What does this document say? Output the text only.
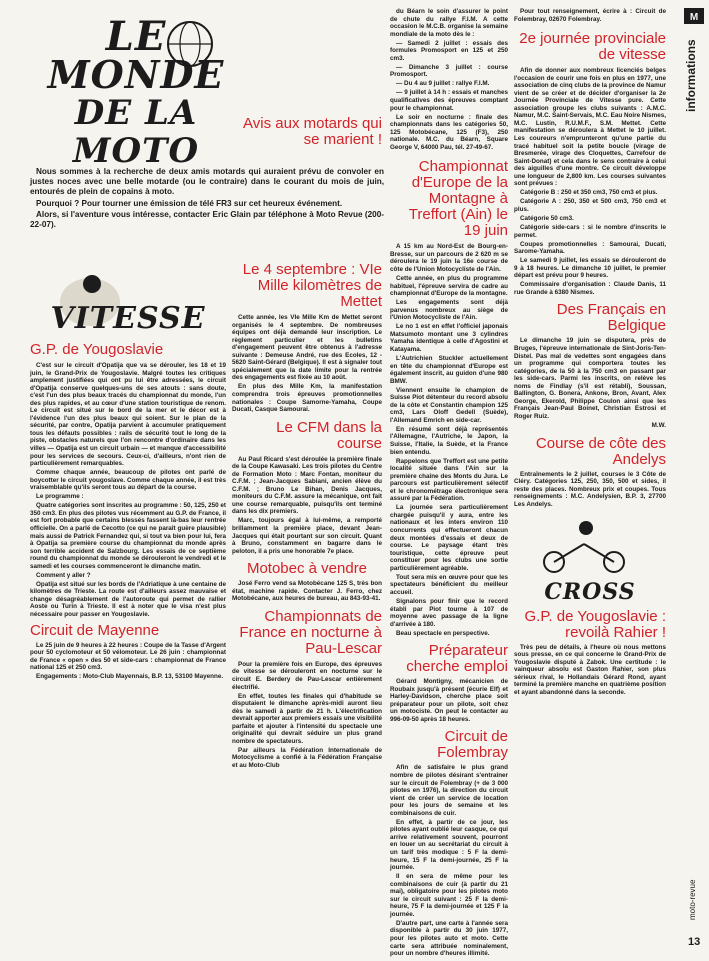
LE
MONDE
DE LA MOTO
Avis aux motards qui se marient !

Nous sommes à la recherche de deux amis motards qui auraient prévu de convoler en justes noces avec une belle motarde (ou le contraire) dans le courant du mois de juin, entourés de plein de copains à moto.

Pourquoi ? Pour tourner une émission de télé FR3 sur cet heureux événement.

Alors, si l'aventure vous intéresse, contacter Eric Glain par téléphone à Moto Revue (200-22-07).

VITESSE
G.P. de Yougoslavie

C'est sur le circuit d'Opatija que va se dérouler, les 18 et 19 juin, le Grand-Prix de Yougoslavie. Malgré toutes les critiques amplement justifiées qui ont pu lui être adressées, le circuit d'Opatija conserve quelques-uns de ses atouts : sans doute, c'est l'un des plus beaux tracés du championnat du monde, l'un des plus rapides, et au cœur d'une station touristique de renom. Le circuit est situé sur le bord de la mer et le décor est à l'évidence l'un des plus beaux qui soient. Sur le plan de la sécurité, par contre, Opatija parvient à accumuler pratiquement tous les défauts possibles : rails de sécurité tout le long de la piste, obstacles naturels que l'on rencontre d'ordinaire dans les villes — Opatija est un circuit urbain — et manque d'accessibilité pour les services de secours. Ceux-ci, d'ailleurs, n'ont rien de particulièrement remarquables.

Comme chaque année, beaucoup de pilotes ont parlé de boycotter le circuit yougoslave. Comme chaque année, il est très vraisemblable qu'ils seront tous au départ de la course.

Le programme :

Quatre catégories sont inscrites au programme : 50, 125, 250 et 350 cm3. En plus des pilotes vus récemment au G.P. de France, il est fort probable que certains blessés fassent là-bas leur rentrée officielle. On a parlé de Cecotto (ce qui ne paraît guère plausible) mais aussi de Patrick Fernandez qui, si tout va bien pour lui, fera à Opatija sa première course du championnat du monde après son terrible accident de Salzbourg. Les essais de ce septième round du championnat du monde se dérouleront le vendredi et le samedi et les courses commenceront le dimanche matin.

Comment y aller ?

Opatija est situé sur les bords de l'Adriatique à une centaine de kilomètres de Trieste. La route est d'ailleurs assez mauvaise et change désagréablement de l'autoroute qui permet de rallier Aoste ou Turin à Trieste. Il est à noter que le visa n'est plus nécessaire pour passer en Yougoslavie.

Circuit de Mayenne

Le 25 juin de 9 heures à 22 heures : Coupe de la Tasse d'Argent pour 50 cyclomoteur et 50 vélomoteur. Le 26 juin : championnat de France « open » des 50 et side-cars : championnat de France national 125 et 250 cm3.

Engagements : Moto-Club Mayennais, B.P. 13, 53100 Mayenne.

Le 4 septembre : VIe Mille kilomètres de Mettet

Cette année, les VIe Mille Km de Mettet seront organisés le 4 septembre. De nombreuses équipes ont déjà demandé leur inscription. Le règlement particulier et les bulletins d'engagement peuvent être obtenus à l'adresse suivante : Demeuse André, rue des Ecoles, 12 - 5620 Saint-Gérard (Belgique). Il est à signaler tout spécialement que la date limite pour la rentrée des engagements est fixée au 10 août.

En plus des Mille Km, la manifestation comprendra trois épreuves promotionnelles nationales : Coupe Samorne-Yamaha, Coupe Ducati, Casque Samourai.

Le CFM dans la course

Au Paul Ricard s'est déroulée la première finale de la Coupe Kawasaki. Les trois pilotes du Centre de Formation Moto : Marc Fontan, moniteur du C.F.M. ; Jean-Jacques Sabiani, ancien élève du C.F.M. ; Bruno Le Bihan, Denis Jacques, moniteurs du C.F.M. assure la mécanique, ont fait une course remarquable, puisqu'ils ont terminé dans les dix premiers.

Marc, toujours égal à lui-même, a remporté brillamment la première place, devant Jean-Jacques qui était pourtant sur son circuit. Quant à Bruno, constamment en bagarre dans le peloton, il a pris une honorable 7e place.

Motobec à vendre

José Ferro vend sa Motobécane 125 S, très bon état, machine rapide. Contacter J. Ferro, chez Motobécane, aux heures de bureau, au 843-93-41.

Championnats de France en nocturne à Pau-Lescar

Pour la première fois en Europe, des épreuves de vitesse se dérouleront en nocturne sur le circuit E. Berdery de Pau-Lescar entièrement électrifié.

En effet, toutes les finales qui d'habitude se disputaient le dimanche après-midi auront lieu dès le samedi à partir de 21 h. L'électrification devrait apporter aux premiers essais une visibilité parfaite et ajouter à l'intensité du spectacle une originalité qui devrait séduire un plus grand nombre de spectateurs.

Par ailleurs la Fédération Internationale de Motocyclisme a confié à la Fédération Française et au Moto-Club

du Béarn le soin d'assurer le point de chute du rallye F.I.M. A cette occasion le M.C.B. organise la semaine mondiale de la moto dès le :

— Samedi 2 juillet : essais des formules Promosport en 125 et 250 cm3.

— Dimanche 3 juillet : course Promosport.

— Du 4 au 9 juillet : rallye F.I.M.

— 9 juillet à 14 h : essais et manches qualificatives des épreuves comptant pour le championnat.

Le soir en nocturne : finale des championnats dans les catégories 50, 125 Motobécane, 125 (F3), 250 nationale. M.C. du Béarn, Square George V, 64000 Pau, tél. 27-49-67.

Championnat d'Europe de la Montagne à Treffort (Ain) le 19 juin

A 15 km au Nord-Est de Bourg-en-Bresse, sur un parcours de 2 620 m se déroulera le 19 juin la 16e course de côte de l'Union Motocycliste de l'Ain.

Cette année, en plus du programme habituel, l'épreuve servira de cadre au championnat d'Europe de la montagne.

Les engagements sont déjà parvenus nombreux au siège de l'Union Motocycliste de l'Ain.

Le no 1 est en effet l'officiel japonais Matsumoto montant une 3 cylindres Yamaha identique à celle d'Agostini et Katayama.

L'Autrichien Stuckler actuellement en tête du championnat d'Europe est également inscrit, au guidon d'une 980 BMW.

Viennent ensuite le champion de Suisse Piot détenteur du record absolu de la côte et Constantin champion 125 cm3, Lars Oloff Gedell (Suède), l'Allemand Emrich en side-car.

En résumé sont déjà représentés l'Allemagne, l'Autriche, le Japon, la Suisse, l'Italie, la Suède, et la France bien entendu.

Rappelons que Treffort est une petite localité située dans l'Ain sur la première chaîne des Monts du Jura. Le parcours est particulièrement sélectif et le chronométrage électronique sera assuré par la Fédération.

La journée sera particulièrement chargée puisqu'il y aura, entre les nationaux et les inters environ 110 concurrents qui effectueront chacun deux montées d'essais et deux de course. Le paysage étant très touristique, cette épreuve peut constituer pour les clubs une sortie particulièrement agréable.

Tout sera mis en œuvre pour que les spectateurs bénéficient du meilleur accueil.

Signalons pour finir que le record établi par Piot tourne à 107 de moyenne avec passage de la ligne d'arrivée à 180.

Beau spectacle en perspective.

Préparateur cherche emploi

Gérard Montigny, mécanicien de Roubaix jusqu'à présent (écurie Elf) et Harley-Davidson, cherche place soit préparateur pour un pilote, soit chez un motociste. On peut le contacter au 996-09-50 après 18 heures.

Circuit de Folembray

Afin de satisfaire le plus grand nombre de pilotes désirant s'entraîner sur le circuit de Folembray (+ de 3 000 pilotes en 1976), la direction du circuit vient de créer un service de location pour les jours de semaine et les combinaisons de cuir.

En effet, à partir de ce jour, les pilotes ayant oublié leur casque, ce qui arrive relativement souvent, pourront en louer un au secrétariat du circuit à un tarif très modique : 5 F la demi-heure, 15 F la demi-journée, 25 F la journée.

Il en sera de même pour les combinaisons de cuir (à partir du 21 mai), obligatoire pour les pilotes moto sur le circuit suivant : 25 F la demi-heure, 75 F la demi-journée et 125 F la journée.

D'autre part, une carte à l'année sera disponible à partir du 30 juin 1977, pour les pilotes auto et moto. Cette carte sera attribuée nominalement, pour un nombre d'heures illimité.

Pour tout renseignement, écrire à : Circuit de Folembray, 02670 Folembray.

2e journée provinciale de vitesse

Afin de donner aux nombreux licenciés belges l'occasion de courir une fois en plus en 1977, une association de cinq clubs de la province de Namur vient de se créer et de décider d'organiser la 2e Journée Provinciale de Vitesse pure. Cette association groupe les clubs suivants : A.M.C. Namur, M.C. Saint-Servais, M.C. Eau Noire Nismes, M.C. Lustin, R.U.M.F., S.M. Mettet. Cette manifestation se déroulera à Mettet le 10 juillet. Les coureurs n'emprunteront qu'une partie du tracé habituel soit la petite boucle (virage de Bresmerée, virage des Cloquettes, Carrefour de Saint-Donat) et cela dans le sens contraire à celui des aiguilles d'une montre. Ce circuit développe une longueur de 2,800 km. Les courses suivantes sont prévues :

Catégorie B : 250 et 350 cm3, 750 cm3 et plus.

Catégorie A : 250, 350 et 500 cm3, 750 cm3 et plus.

Catégorie 50 cm3.

Catégorie side-cars : si le nombre d'inscrits le permet.

Coupes promotionnelles : Samourai, Ducati, Sarome-Yamaha.

Le samedi 9 juillet, les essais se dérouleront de 9 à 18 heures. Le dimanche 10 juillet, le premier départ est prévu pour 9 heures.

Commissaire d'organisation : Claude Danis, 11 rue Grande à 6380 Nismes.

Des Français en Belgique

Le dimanche 19 juin se disputera, près de Bruges, l'épreuve internationale de Sint-Joris-Ten-Distel. Pas mal de vedettes sont engagées dans un programme qui comportera toutes les catégories, de la 50 à la 750 cm3 en passant par les side-cars. Parmi les inscrits, on relève les noms de Findlay (s'il est rétabli), Soussan, Ballington, G. Bonera, Ankone, Bron, Avant, Alex George, Ekerold, Philippe Coulon ainsi que les Français Jean-Paul Boinet, Christian Estrosi et Roger Ruiz.

M.W.

Course de côte des Andelys

Entraînements le 2 juillet, courses le 3 Côte de Cléry. Catégories 125, 250, 350, 500 et sides, il reste des places. Nombreux prix et coupes. Tous renseignements : M.C. Andelysien, B.P. 3, 27700 Les Andelys.

CROSS
G.P. de Yougoslavie : revoilà Rahier !

Très peu de détails, à l'heure où nous mettons sous presse, en ce qui concerne le Grand-Prix de Yougoslavie disputé à Zabok. Une certitude : le vainqueur absolu est Gaston Rahier, son plus sérieux rival, le Hollandais Gérard Rond, ayant terminé la première manche en quatrième position et ayant abandonné dans la seconde.

M
informations
moto-revue
13
